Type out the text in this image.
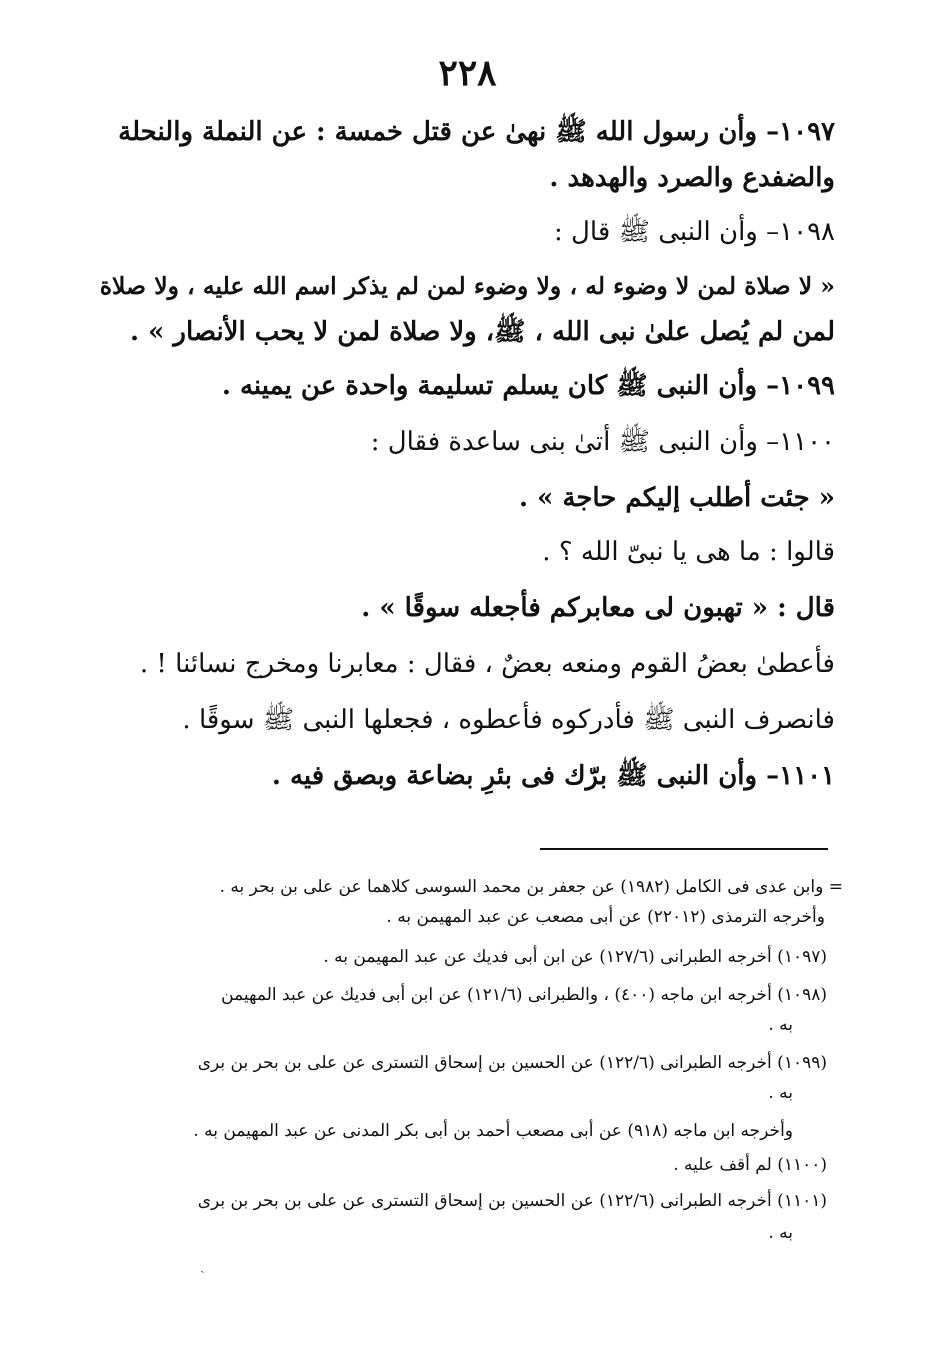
٢٢٨
١٠٩٧– وأن رسول الله ﷺ نهىٰ عن قتل خمسة : عن النملة والنحلة
والضفدع والصرد والهدهد .
١٠٩٨– وأن النبى ﷺ قال :
« لا صلاة لمن لا وضوء له ، ولا وضوء لمن لم يذكر اسم الله عليه ، ولا صلاة
لمن لم يُصل علىٰ نبى الله ، ﷺ، ولا صلاة لمن لا يحب الأنصار » .
١٠٩٩– وأن النبى ﷺ كان يسلم تسليمة واحدة عن يمينه .
١١٠٠– وأن النبى ﷺ أتىٰ بنى ساعدة فقال :
« جئت أطلب إليكم حاجة » .
قالوا : ما هى يا نبىّ الله ؟ .
قال : « تهبون لى معابركم فأجعله سوقًا » .
فأعطىٰ بعضُ القوم ومنعه بعضٌ ، فقال : معابرنا ومخرج نسائنا ! .
فانصرف النبى ﷺ فأدركوه فأعطوه ، فجعلها النبى ﷺ سوقًا .
١١٠١– وأن النبى ﷺ برّك فى بئرِ بضاعة وبصق فيه .
= وابن عدى فى الكامل (١٩٨٢) عن جعفر بن محمد السوسى كلاهما عن على بن بحر به .
وأخرجه الترمذى (٢٢٠١٢) عن أبى مصعب عن عبد المهيمن به .
(١٠٩٧) أخرجه الطبرانى (١٢٧/٦) عن ابن أبى فديك عن عبد المهيمن به .
(١٠٩٨) أخرجه ابن ماجه (٤٠٠) ، والطبرانى (١٢١/٦) عن ابن أبى فديك عن عبد المهيمن
به .
(١٠٩٩) أخرجه الطبرانى (١٢٢/٦) عن الحسين بن إسحاق التسترى عن على بن بحر بن برى
به .
وأخرجه ابن ماجه (٩١٨) عن أبى مصعب أحمد بن أبى بكر المدنى عن عبد المهيمن به .
(١١٠٠) لم أقف عليه .
(١١٠١) أخرجه الطبرانى (١٢٢/٦) عن الحسين بن إسحاق التسترى عن على بن بحر بن برى
به .
ˏ
